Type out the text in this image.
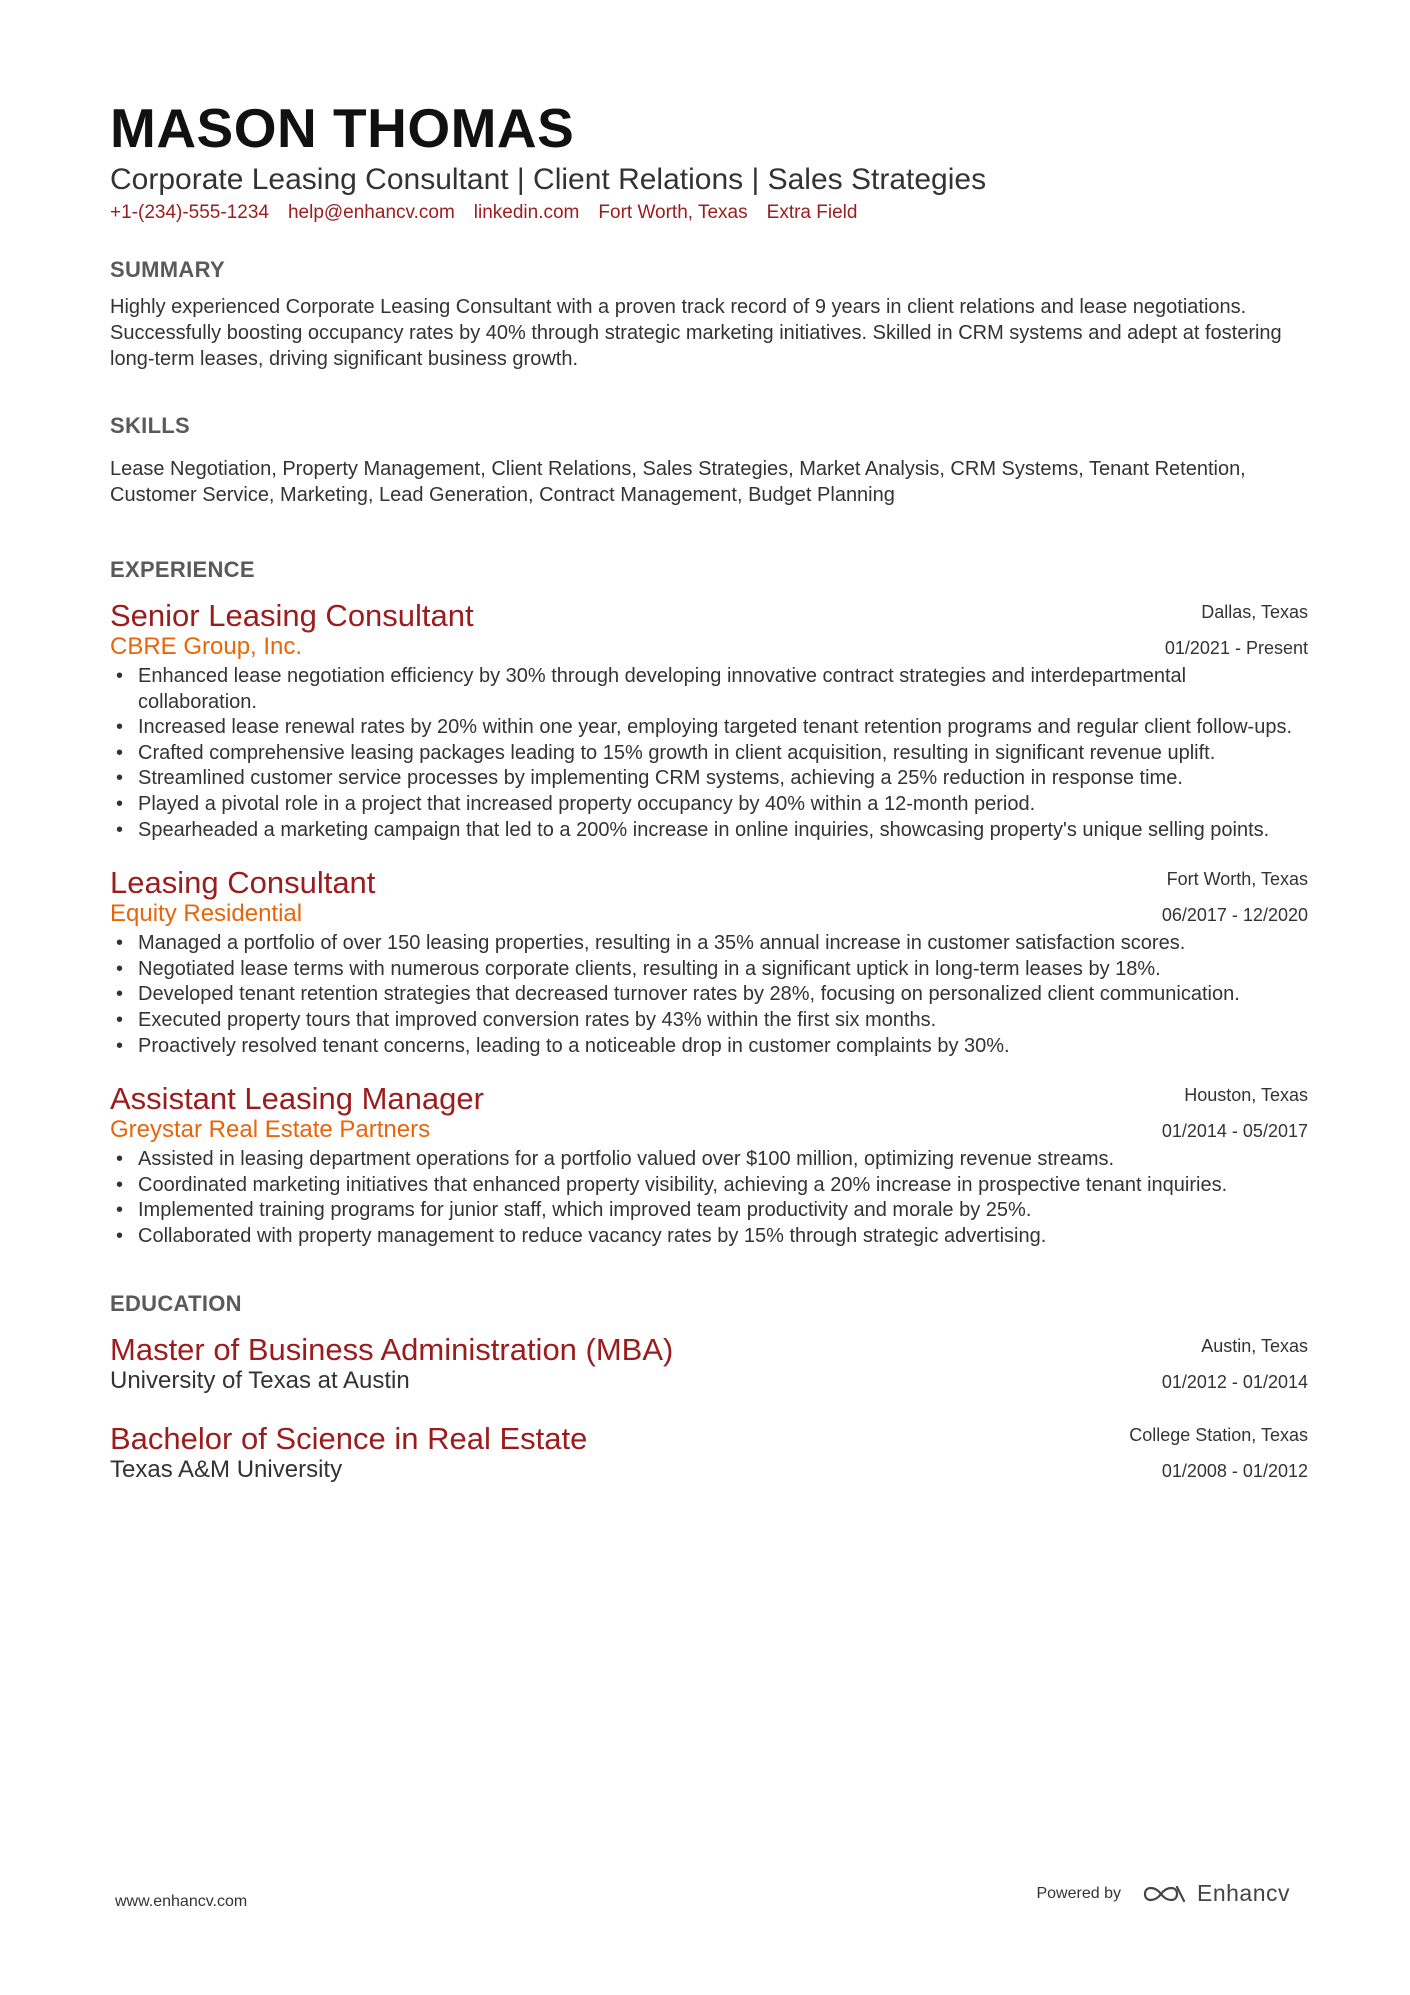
MASON THOMAS
Corporate Leasing Consultant | Client Relations | Sales Strategies
+1-(234)-555-1234 help@enhancv.com linkedin.com Fort Worth, Texas Extra Field
SUMMARY
Highly experienced Corporate Leasing Consultant with a proven track record of 9 years in client relations and lease negotiations. Successfully boosting occupancy rates by 40% through strategic marketing initiatives. Skilled in CRM systems and adept at fostering long-term leases, driving significant business growth.
SKILLS
Lease Negotiation, Property Management, Client Relations, Sales Strategies, Market Analysis, CRM Systems, Tenant Retention, Customer Service, Marketing, Lead Generation, Contract Management, Budget Planning
EXPERIENCE
Senior Leasing Consultant
CBRE Group, Inc.
Dallas, Texas
01/2021 - Present
• Enhanced lease negotiation efficiency by 30% through developing innovative contract strategies and interdepartmental collaboration.
• Increased lease renewal rates by 20% within one year, employing targeted tenant retention programs and regular client follow-ups.
• Crafted comprehensive leasing packages leading to 15% growth in client acquisition, resulting in significant revenue uplift.
• Streamlined customer service processes by implementing CRM systems, achieving a 25% reduction in response time.
• Played a pivotal role in a project that increased property occupancy by 40% within a 12-month period.
• Spearheaded a marketing campaign that led to a 200% increase in online inquiries, showcasing property's unique selling points.
Leasing Consultant
Equity Residential
Fort Worth, Texas
06/2017 - 12/2020
• Managed a portfolio of over 150 leasing properties, resulting in a 35% annual increase in customer satisfaction scores.
• Negotiated lease terms with numerous corporate clients, resulting in a significant uptick in long-term leases by 18%.
• Developed tenant retention strategies that decreased turnover rates by 28%, focusing on personalized client communication.
• Executed property tours that improved conversion rates by 43% within the first six months.
• Proactively resolved tenant concerns, leading to a noticeable drop in customer complaints by 30%.
Assistant Leasing Manager
Greystar Real Estate Partners
Houston, Texas
01/2014 - 05/2017
• Assisted in leasing department operations for a portfolio valued over $100 million, optimizing revenue streams.
• Coordinated marketing initiatives that enhanced property visibility, achieving a 20% increase in prospective tenant inquiries.
• Implemented training programs for junior staff, which improved team productivity and morale by 25%.
• Collaborated with property management to reduce vacancy rates by 15% through strategic advertising.
EDUCATION
Master of Business Administration (MBA)
University of Texas at Austin
Austin, Texas
01/2012 - 01/2014
Bachelor of Science in Real Estate
Texas A&M University
College Station, Texas
01/2008 - 01/2012
www.enhancv.com	Powered by	Enhancv
